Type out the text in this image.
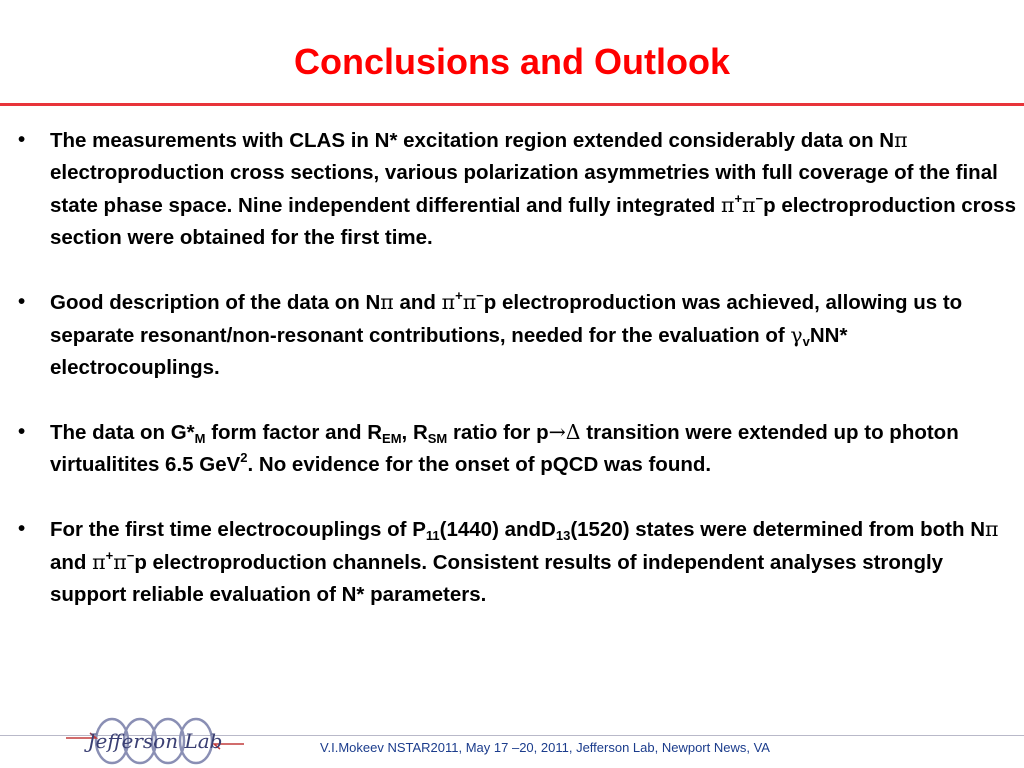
Conclusions and Outlook
•	The measurements with CLAS in N* excitation region extended considerably data on Nπ electroproduction cross sections, various polarization asymmetries with full coverage of the final state phase space. Nine independent differential and fully integrated π+π−p electroproduction cross section were obtained for the first time.
•	Good description of the data on Nπ and π+π−p electroproduction was achieved, allowing us to separate resonant/non-resonant contributions, needed for the evaluation of $\gamma_vNN*$ electrocouplings.
•	The data on $G*_M$ form factor and $R_{EM}$, $R_{SM}$ ratio for p→Δ transition were extended up to photon virtualitites 6.5 GeV$^2$. No evidence for the onset of pQCD was found.
•	For the first time electrocouplings of $P_{11}(1440)$ andD$_{13}$(1520) states were determined from both Nπ and π+π−p electroproduction channels. Consistent results of independent analyses strongly support reliable evaluation of N* parameters.
Jefferson Lab	V.I.Mokeev NSTAR2011, May 17 –20, 2011, Jefferson Lab, Newport News, VA
